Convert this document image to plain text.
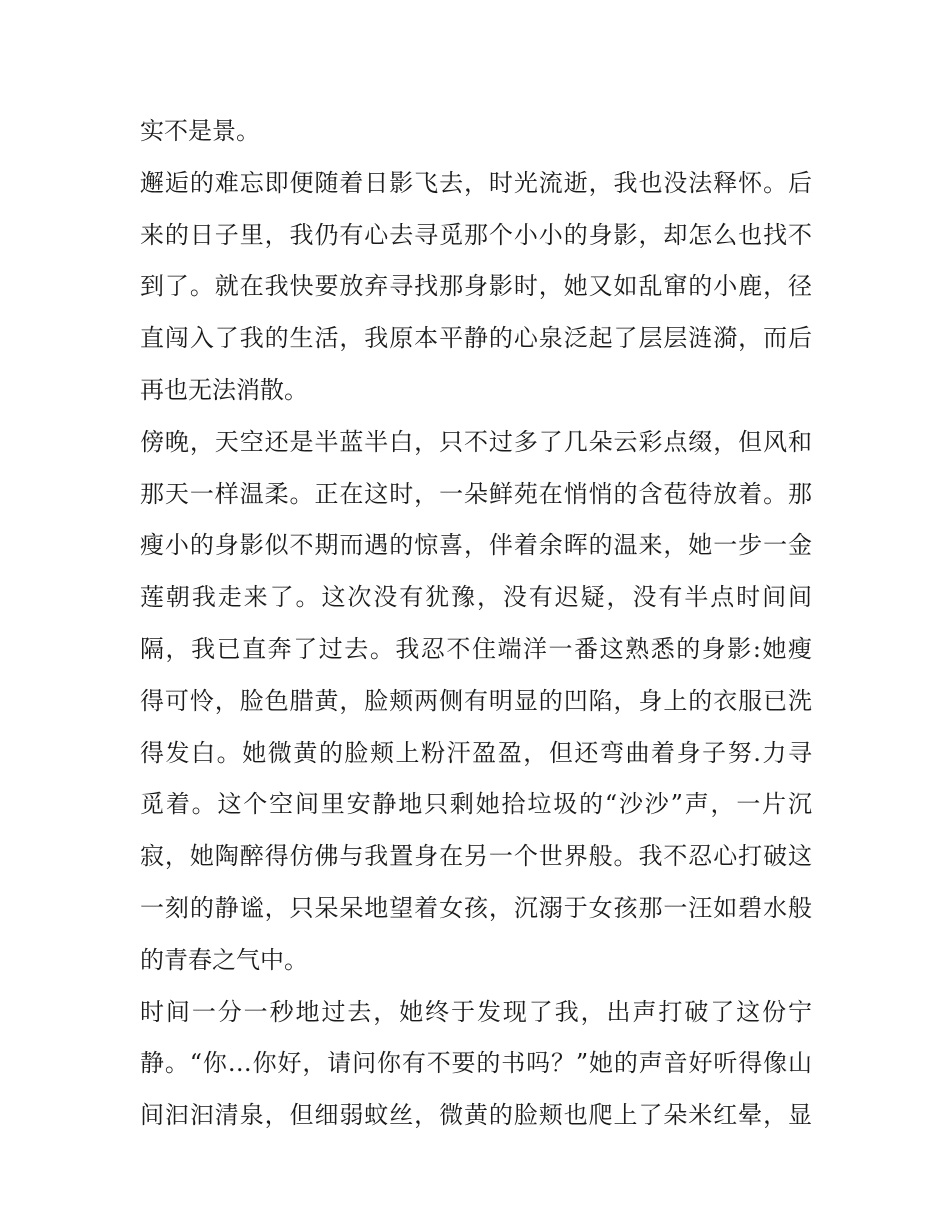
实不是景。
邂逅的难忘即便随着日影飞去，时光流逝，我也没法释怀。后
来的日子里，我仍有心去寻觅那个小小的身影，却怎么也找不
到了。就在我快要放弃寻找那身影时，她又如乱窜的小鹿，径
直闯入了我的生活，我原本平静的心泉泛起了层层涟漪，而后
再也无法消散。
傍晚，天空还是半蓝半白，只不过多了几朵云彩点缀，但风和
那天一样温柔。正在这时，一朵鲜苑在悄悄的含苞待放着。那
瘦小的身影似不期而遇的惊喜，伴着余晖的温来，她一步一金
莲朝我走来了。这次没有犹豫，没有迟疑，没有半点时间间
隔，我已直奔了过去。我忍不住端洋一番这熟悉的身影:她瘦
得可怜，脸色腊黄，脸颊两侧有明显的凹陷，身上的衣服已洗
得发白。她微黄的脸颊上粉汗盈盈，但还弯曲着身子努.力寻
觅着。这个空间里安静地只剩她拾垃圾的“沙沙”声，一片沉
寂，她陶醉得仿佛与我置身在另一个世界般。我不忍心打破这
一刻的静谧，只呆呆地望着女孩，沉溺于女孩那一汪如碧水般
的青春之气中。
时间一分一秒地过去，她终于发现了我，出声打破了这份宁
静。“你…你好，请问你有不要的书吗？”她的声音好听得像山
间汩汩清泉，但细弱蚊丝，微黄的脸颊也爬上了朵米红晕，显
